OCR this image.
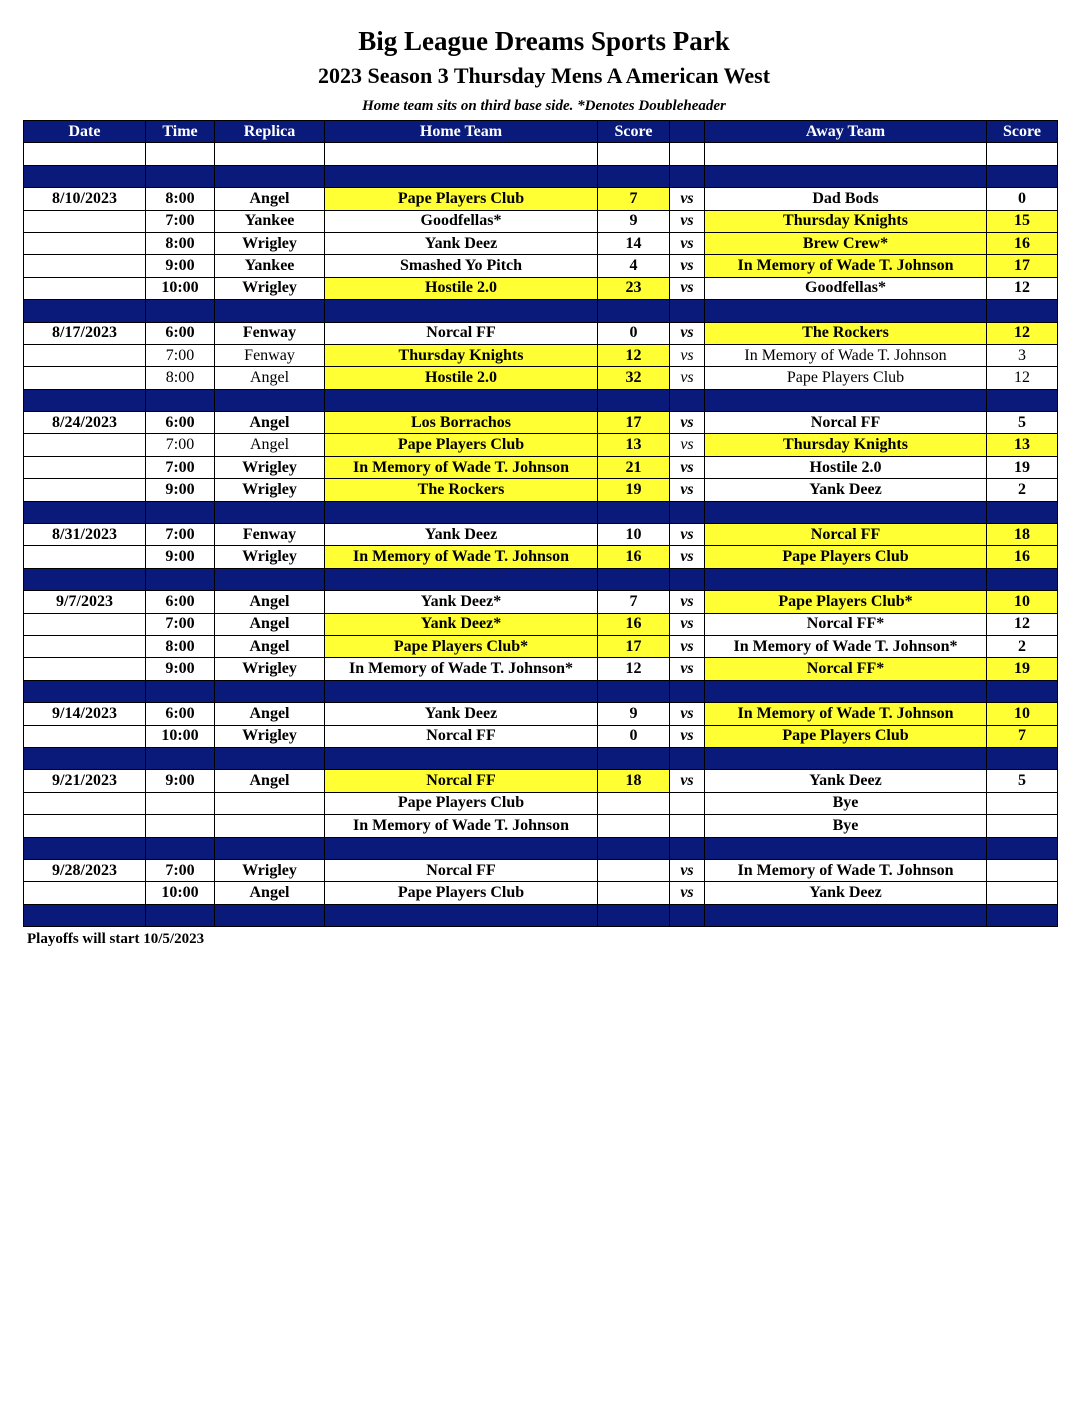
Big League Dreams Sports Park
2023 Season 3 Thursday Mens A American West
Home team sits on third base side. *Denotes Doubleheader
Date	Time	Replica	Home Team	Score		Away Team	Score

8/10/2023	8:00	Angel	Pape Players Club	7	vs	Dad Bods	0
	7:00	Yankee	Goodfellas*	9	vs	Thursday Knights	15
	8:00	Wrigley	Yank Deez	14	vs	Brew Crew*	16
	9:00	Yankee	Smashed Yo Pitch	4	vs	In Memory of Wade T. Johnson	17
	10:00	Wrigley	Hostile 2.0	23	vs	Goodfellas*	12

8/17/2023	6:00	Fenway	Norcal FF	0	vs	The Rockers	12
	7:00	Fenway	Thursday Knights	12	vs	In Memory of Wade T. Johnson	3
	8:00	Angel	Hostile 2.0	32	vs	Pape Players Club	12

8/24/2023	6:00	Angel	Los Borrachos	17	vs	Norcal FF	5
	7:00	Angel	Pape Players Club	13	vs	Thursday Knights	13
	7:00	Wrigley	In Memory of Wade T. Johnson	21	vs	Hostile 2.0	19
	9:00	Wrigley	The Rockers	19	vs	Yank Deez	2

8/31/2023	7:00	Fenway	Yank Deez	10	vs	Norcal FF	18
	9:00	Wrigley	In Memory of Wade T. Johnson	16	vs	Pape Players Club	16

9/7/2023	6:00	Angel	Yank Deez*	7	vs	Pape Players Club*	10
	7:00	Angel	Yank Deez*	16	vs	Norcal FF*	12
	8:00	Angel	Pape Players Club*	17	vs	In Memory of Wade T. Johnson*	2
	9:00	Wrigley	In Memory of Wade T. Johnson*	12	vs	Norcal FF*	19

9/14/2023	6:00	Angel	Yank Deez	9	vs	In Memory of Wade T. Johnson	10
	10:00	Wrigley	Norcal FF	0	vs	Pape Players Club	7

9/21/2023	9:00	Angel	Norcal FF	18	vs	Yank Deez	5
			Pape Players Club			Bye	
			In Memory of Wade T. Johnson			Bye	

9/28/2023	7:00	Wrigley	Norcal FF		vs	In Memory of Wade T. Johnson	
	10:00	Angel	Pape Players Club		vs	Yank Deez	

Playoffs will start 10/5/2023
